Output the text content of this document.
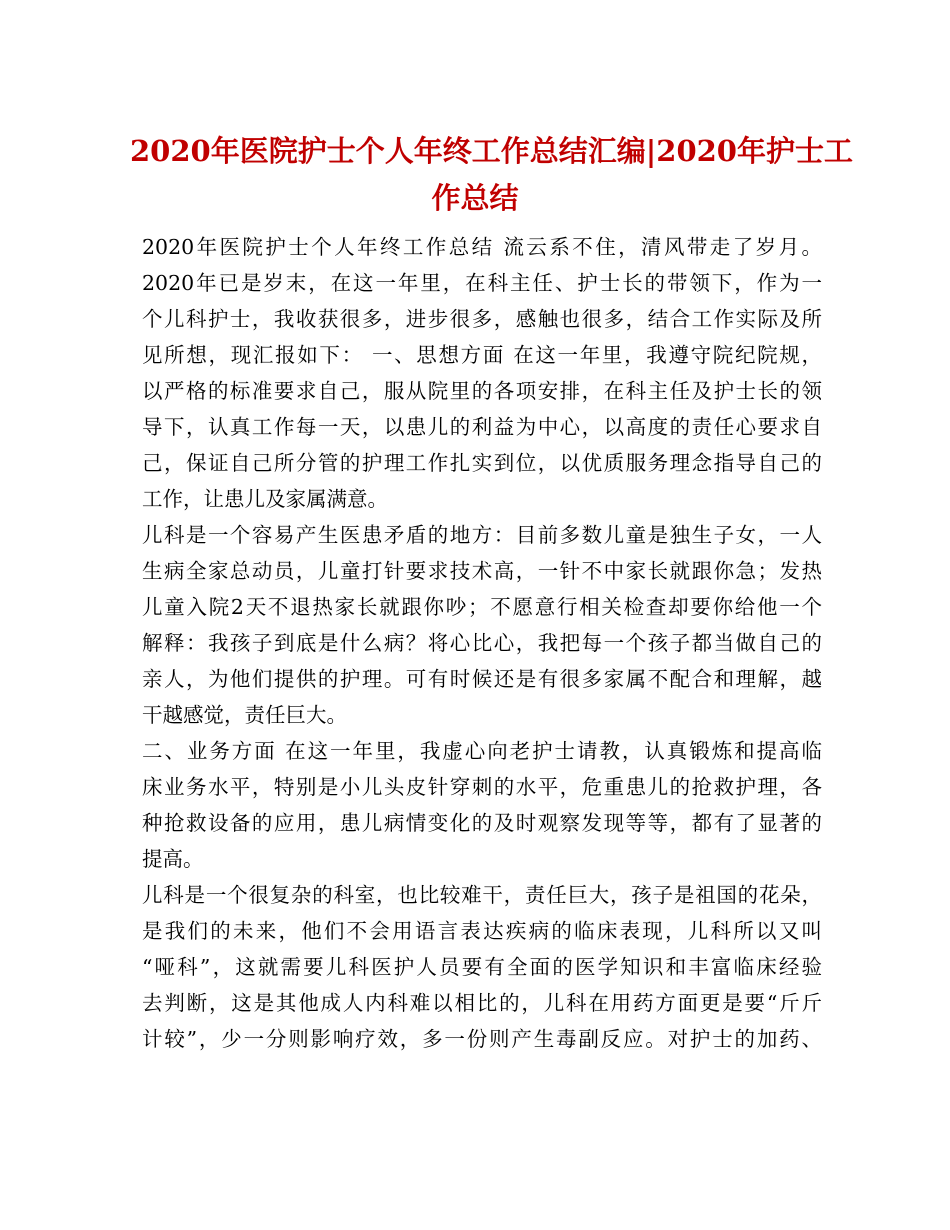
2020年医院护士个人年终工作总结汇编|2020年护士工
作总结

2020年医院护士个人年终工作总结 流云系不住，清风带走了岁月。

2020年已是岁末，在这一年里，在科主任、护士长的带领下，作为一

个儿科护士，我收获很多，进步很多，感触也很多，结合工作实际及所

见所想，现汇报如下： 一、思想方面 在这一年里，我遵守院纪院规，

以严格的标准要求自己，服从院里的各项安排，在科主任及护士长的领

导下，认真工作每一天，以患儿的利益为中心，以高度的责任心要求自

己，保证自己所分管的护理工作扎实到位，以优质服务理念指导自己的

工作，让患儿及家属满意。

儿科是一个容易产生医患矛盾的地方：目前多数儿童是独生子女，一人

生病全家总动员，儿童打针要求技术高，一针不中家长就跟你急；发热

儿童入院2天不退热家长就跟你吵；不愿意行相关检查却要你给他一个

解释：我孩子到底是什么病？将心比心，我把每一个孩子都当做自己的

亲人，为他们提供的护理。可有时候还是有很多家属不配合和理解，越

干越感觉，责任巨大。

二、业务方面 在这一年里，我虚心向老护士请教，认真锻炼和提高临

床业务水平，特别是小儿头皮针穿刺的水平，危重患儿的抢救护理，各

种抢救设备的应用，患儿病情变化的及时观察发现等等，都有了显著的

提高。

儿科是一个很复杂的科室，也比较难干，责任巨大，孩子是祖国的花朵，

是我们的未来，他们不会用语言表达疾病的临床表现，儿科所以又叫

“哑科”，这就需要儿科医护人员要有全面的医学知识和丰富临床经验

去判断，这是其他成人内科难以相比的，儿科在用药方面更是要“斤斤

计较”，少一分则影响疗效，多一份则产生毒副反应。对护士的加药、
